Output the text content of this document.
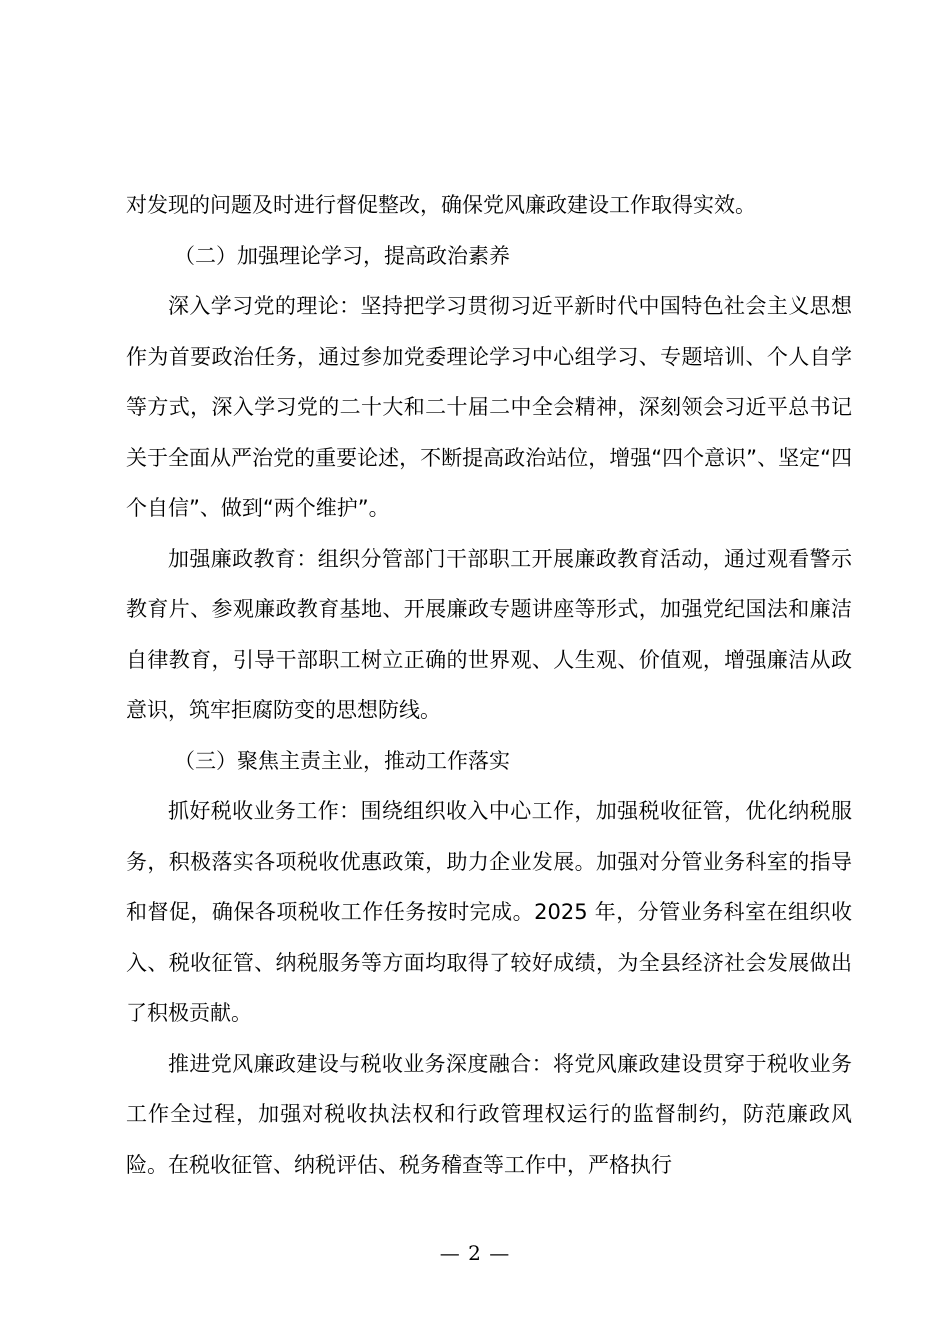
对发现的问题及时进行督促整改，确保党风廉政建设工作取得实效。

（二）加强理论学习，提高政治素养

深入学习党的理论：坚持把学习贯彻习近平新时代中国特色社会主义思想作为首要政治任务，通过参加党委理论学习中心组学习、专题培训、个人自学等方式，深入学习党的二十大和二十届二中全会精神，深刻领会习近平总书记关于全面从严治党的重要论述，不断提高政治站位，增强“四个意识”、坚定“四个自信”、做到“两个维护”。

加强廉政教育：组织分管部门干部职工开展廉政教育活动，通过观看警示教育片、参观廉政教育基地、开展廉政专题讲座等形式，加强党纪国法和廉洁自律教育，引导干部职工树立正确的世界观、人生观、价值观，增强廉洁从政意识，筑牢拒腐防变的思想防线。

（三）聚焦主责主业，推动工作落实

抓好税收业务工作：围绕组织收入中心工作，加强税收征管，优化纳税服务，积极落实各项税收优惠政策，助力企业发展。加强对分管业务科室的指导和督促，确保各项税收工作任务按时完成。2025 年，分管业务科室在组织收入、税收征管、纳税服务等方面均取得了较好成绩，为全县经济社会发展做出了积极贡献。

推进党风廉政建设与税收业务深度融合：将党风廉政建设贯穿于税收业务工作全过程，加强对税收执法权和行政管理权运行的监督制约，防范廉政风险。在税收征管、纳税评估、税务稽查等工作中，严格执行

— 2 —
